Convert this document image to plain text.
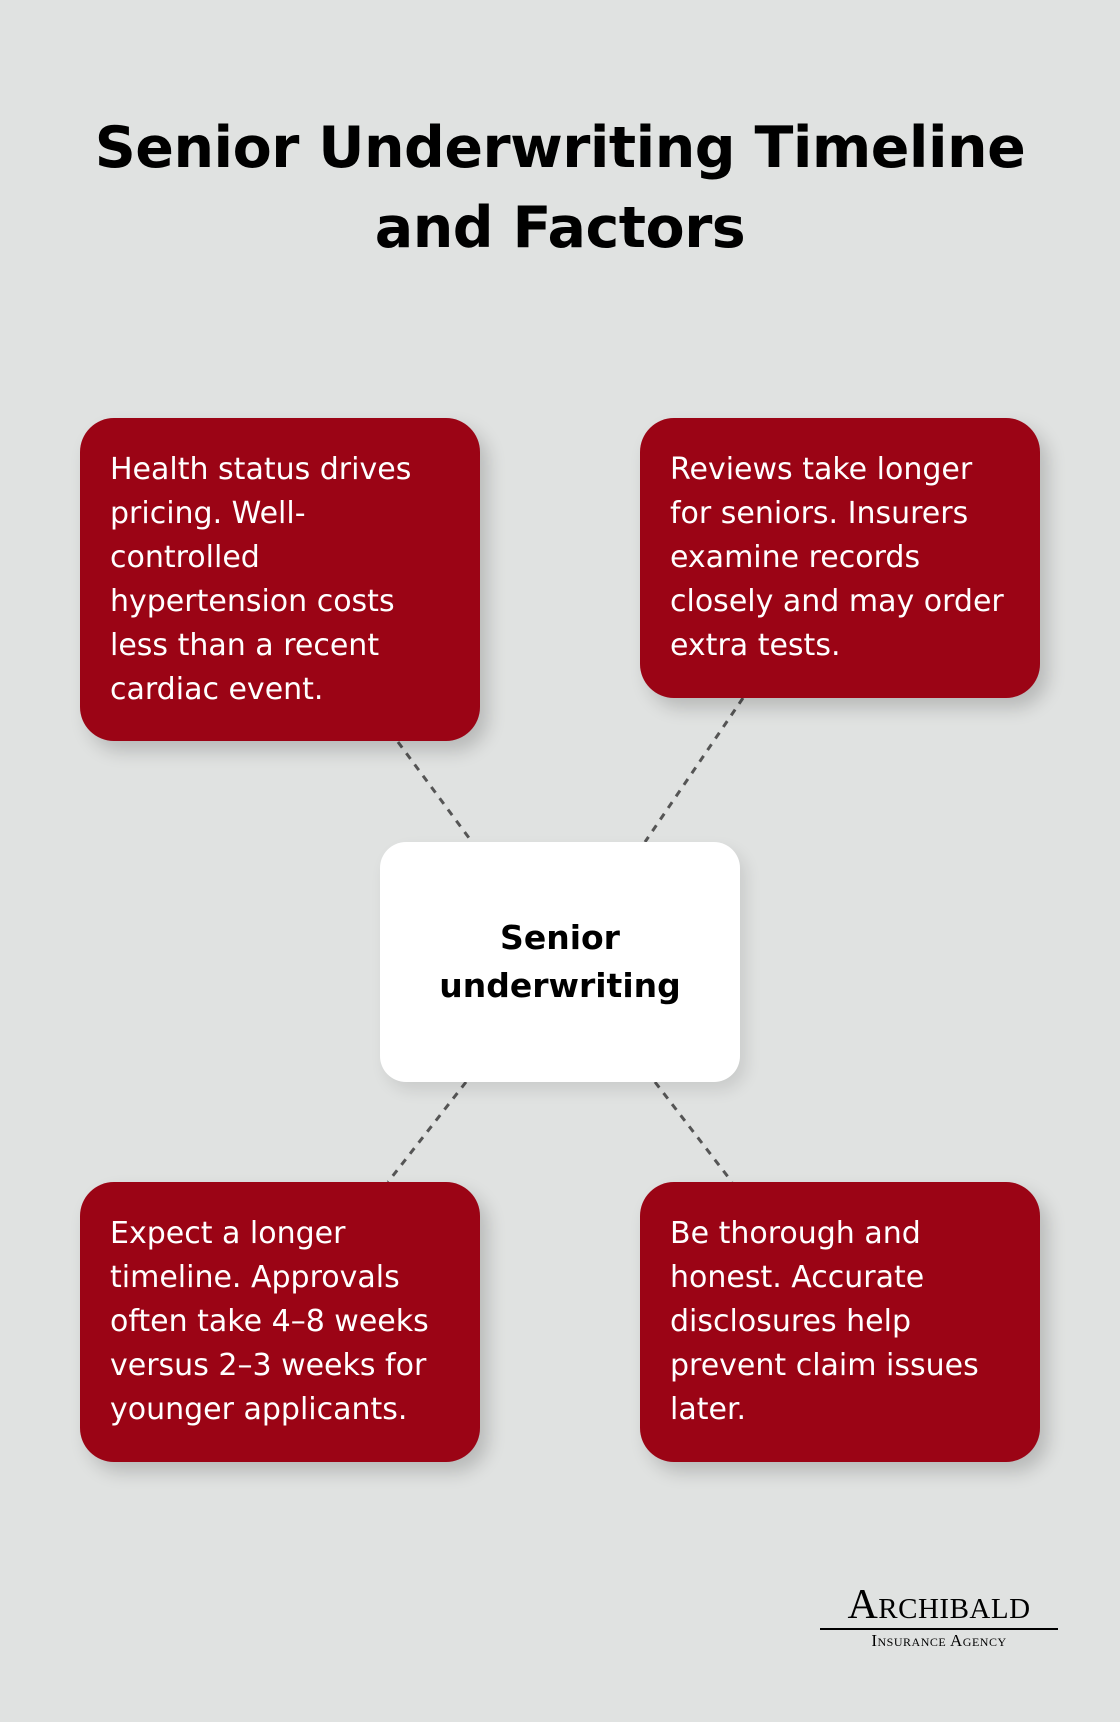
Senior Underwriting Timeline
and Factors
Health status drives pricing. Well-controlled hypertension costs less than a recent cardiac event.
Reviews take longer for seniors. Insurers examine records closely and may order extra tests.
Senior underwriting
Expect a longer timeline. Approvals often take 4–8 weeks versus 2–3 weeks for younger applicants.
Be thorough and honest. Accurate disclosures help prevent claim issues later.
Archibald
Insurance Agency
